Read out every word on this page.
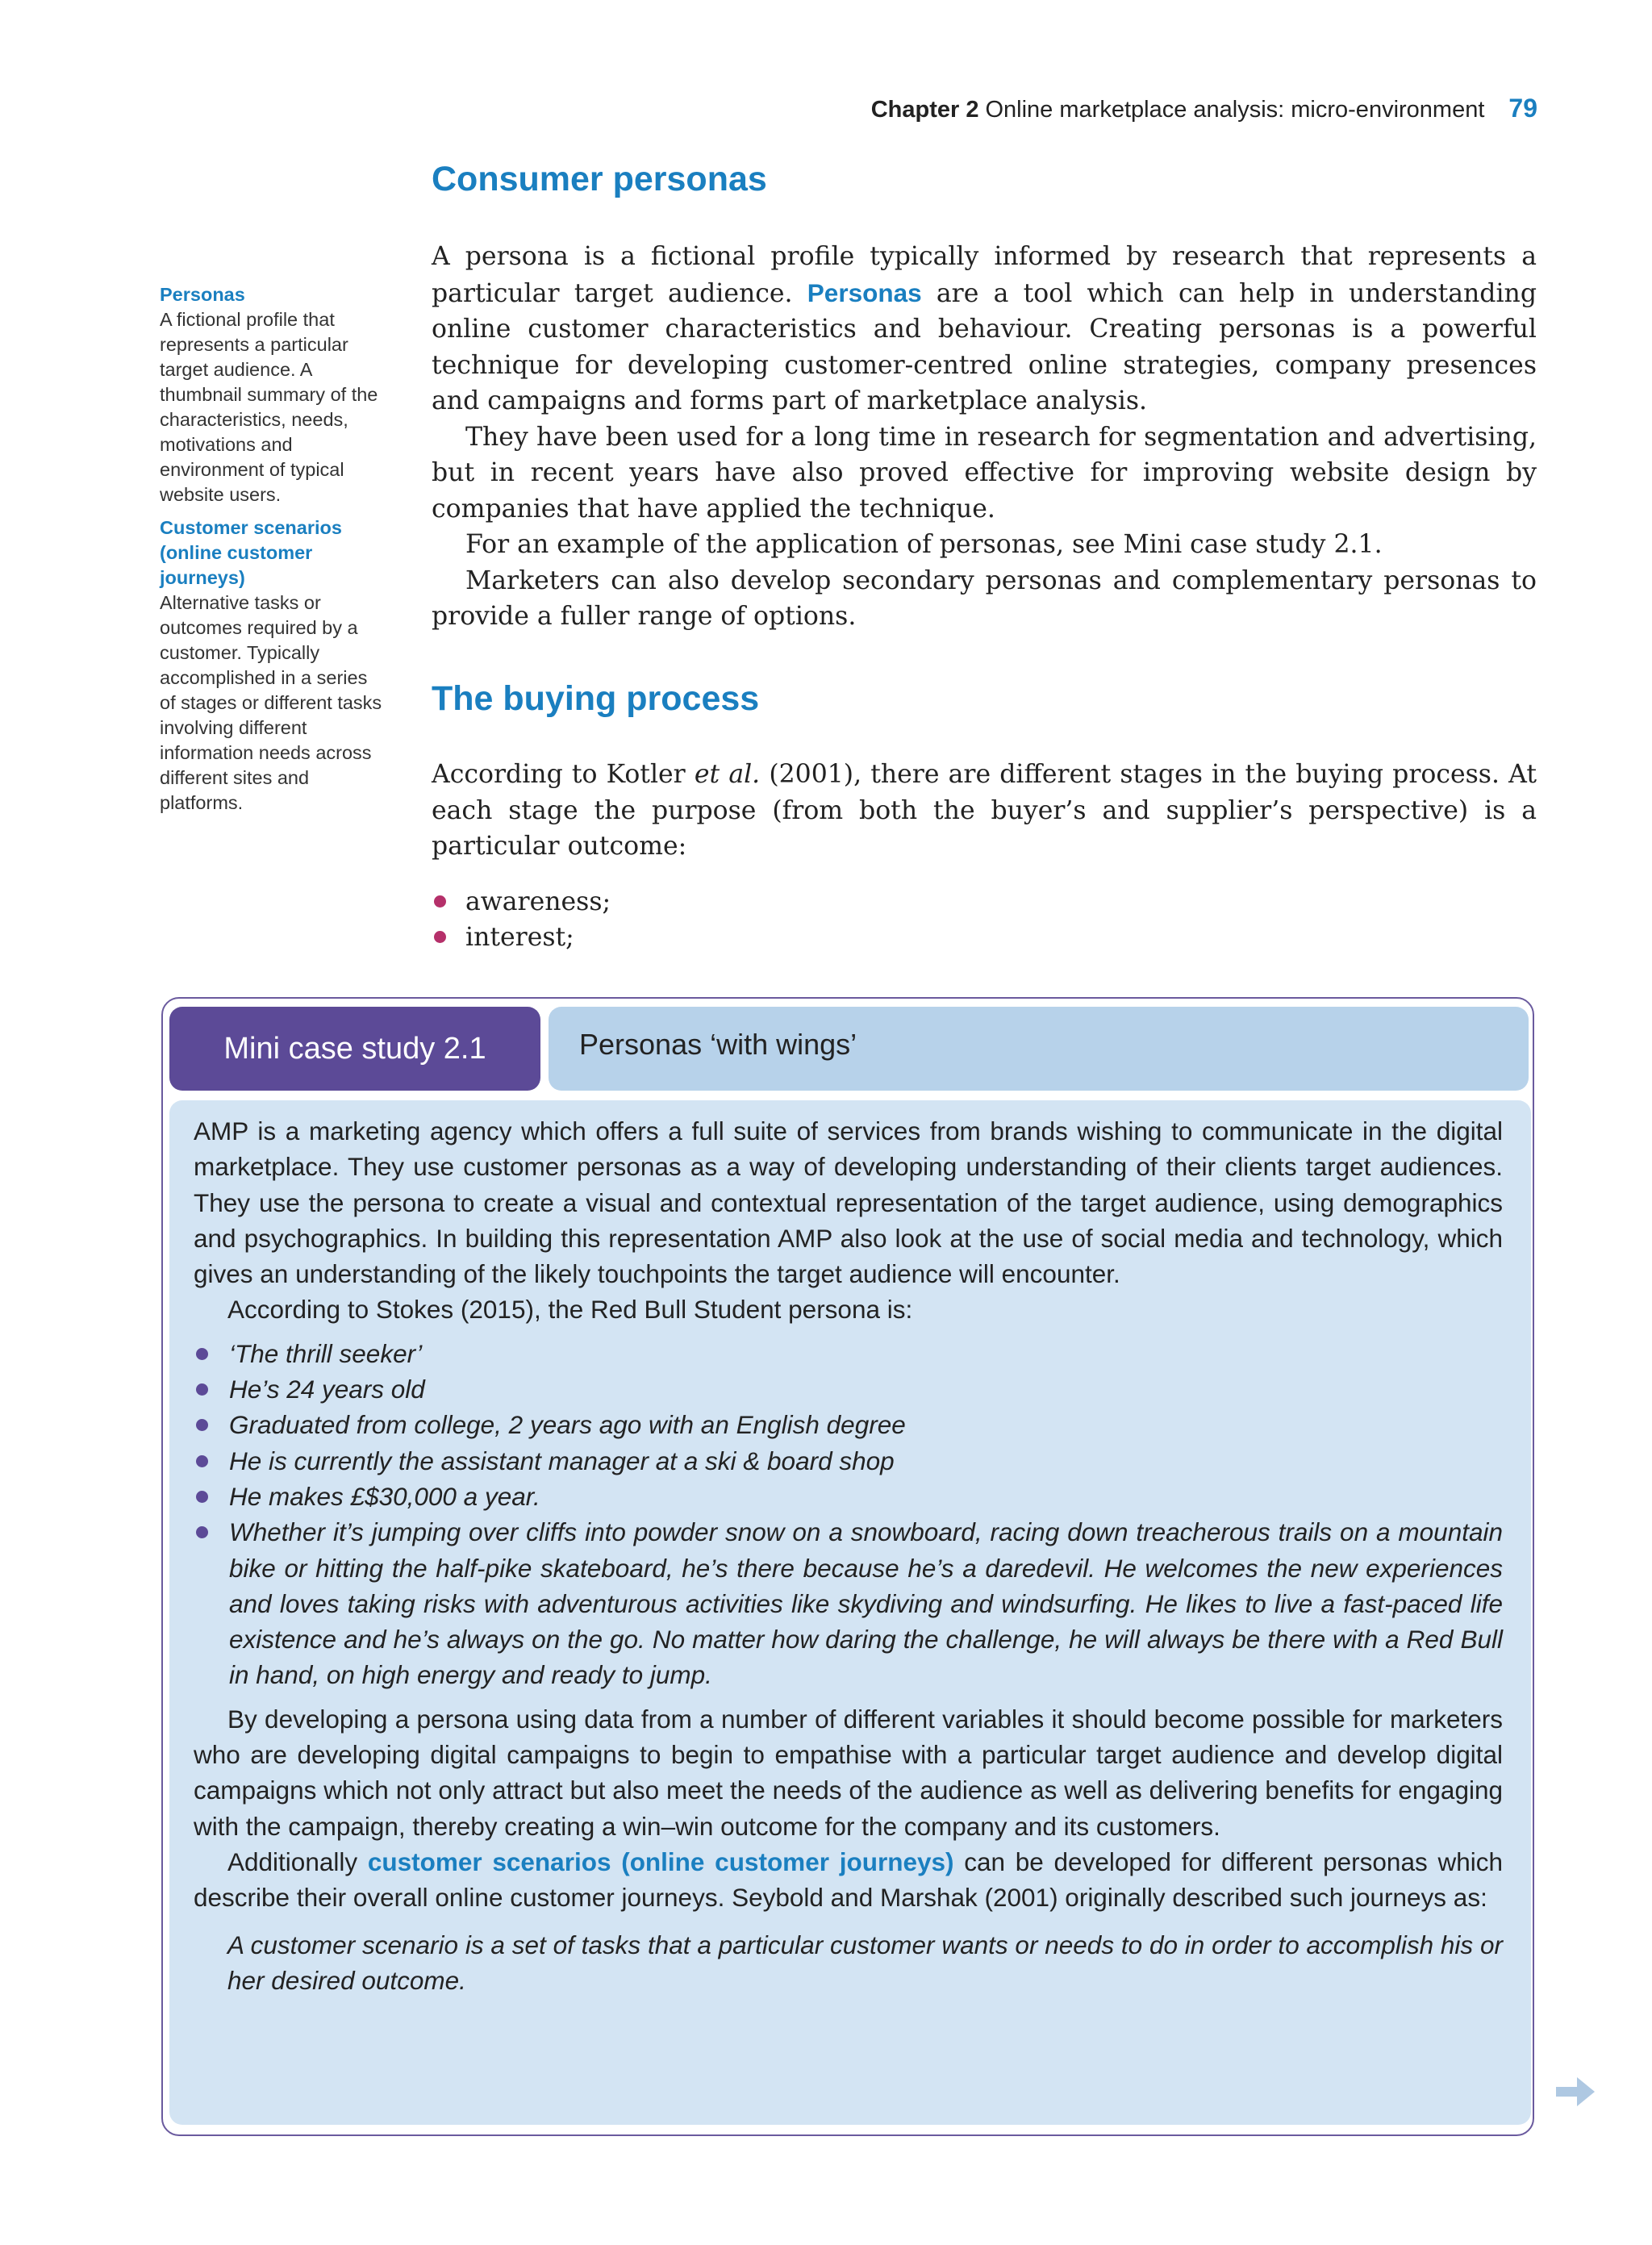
Chapter 2 Online marketplace analysis: micro-environment 79
Consumer personas

A persona is a fictional profile typically informed by research that represents a particular target audience. Personas are a tool which can help in understanding online customer characteristics and behaviour. Creating personas is a powerful technique for developing customer-centred online strategies, company presences and campaigns and forms part of marketplace analysis.

They have been used for a long time in research for segmentation and advertising, but in recent years have also proved effective for improving website design by companies that have applied the technique.

For an example of the application of personas, see Mini case study 2.1.

Marketers can also develop secondary personas and complementary personas to provide a fuller range of options.

The buying process

According to Kotler et al. (2001), there are different stages in the buying process. At each stage the purpose (from both the buyer’s and supplier’s perspective) is a particular outcome:

awareness;
interest;
Personas
A fictional profile that represents a particular target audience. A thumbnail summary of the characteristics, needs, motivations and environment of typical website users.
Customer scenarios (online customer journeys)
Alternative tasks or outcomes required by a customer. Typically accomplished in a series of stages or different tasks involving different information needs across different sites and platforms.
Mini case study 2.1	Personas ‘with wings’

AMP is a marketing agency which offers a full suite of services from brands wishing to communicate in the digital marketplace. They use customer personas as a way of developing understanding of their clients target audiences. They use the persona to create a visual and contextual representation of the target audience, using demographics and psychographics. In building this representation AMP also look at the use of social media and technology, which gives an understanding of the likely touchpoints the target audience will encounter.

According to Stokes (2015), the Red Bull Student persona is:

‘The thrill seeker’
He’s 24 years old
Graduated from college, 2 years ago with an English degree
He is currently the assistant manager at a ski & board shop
He makes £$30,000 a year.
Whether it’s jumping over cliffs into powder snow on a snowboard, racing down treacherous trails on a mountain bike or hitting the half-pike skateboard, he’s there because he’s a daredevil. He welcomes the new experiences and loves taking risks with adventurous activities like skydiving and windsurfing. He likes to live a fast-paced life existence and he’s always on the go. No matter how daring the challenge, he will always be there with a Red Bull in hand, on high energy and ready to jump.

By developing a persona using data from a number of different variables it should become possible for marketers who are developing digital campaigns to begin to empathise with a particular target audience and develop digital campaigns which not only attract but also meet the needs of the audience as well as delivering benefits for engaging with the campaign, thereby creating a win–win outcome for the company and its customers.

Additionally customer scenarios (online customer journeys) can be developed for different personas which describe their overall online customer journeys. Seybold and Marshak (2001) originally described such journeys as:

A customer scenario is a set of tasks that a particular customer wants or needs to do in order to accomplish his or her desired outcome.
